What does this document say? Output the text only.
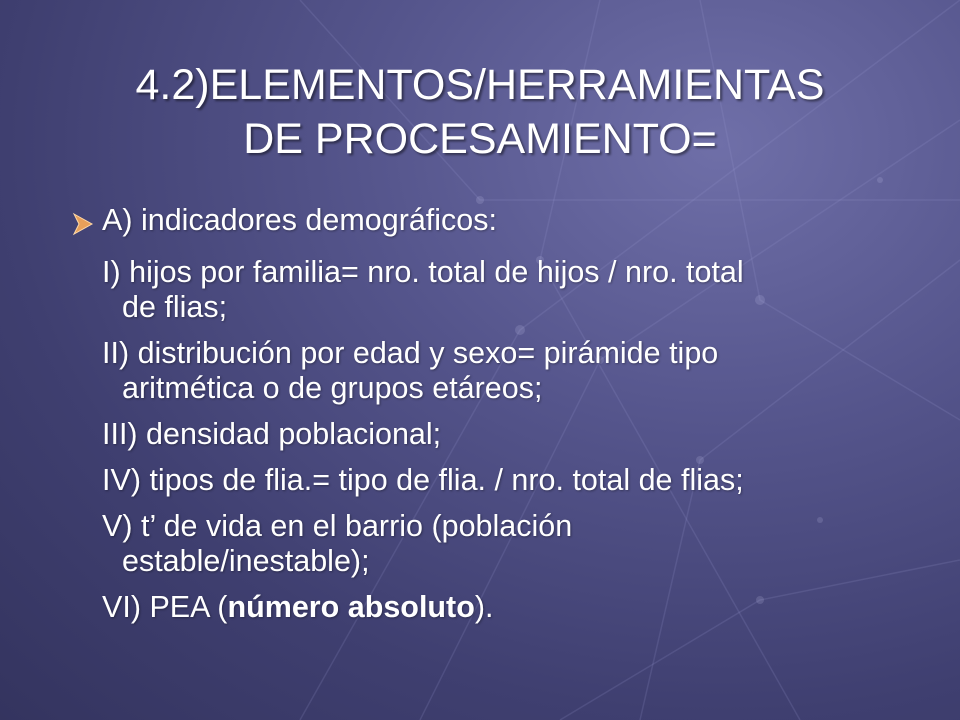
4.2)ELEMENTOS/HERRAMIENTAS
DE PROCESAMIENTO=
A) indicadores demográficos:
I) hijos por familia= nro. total de hijos / nro. total
de flias;
II) distribución por edad y sexo= pirámide tipo
aritmética o de grupos etáreos;
III) densidad poblacional;
IV) tipos de flia.= tipo de flia. / nro. total de flias;
V) t’ de vida en el barrio (población
estable/inestable);
VI) PEA (número absoluto).
